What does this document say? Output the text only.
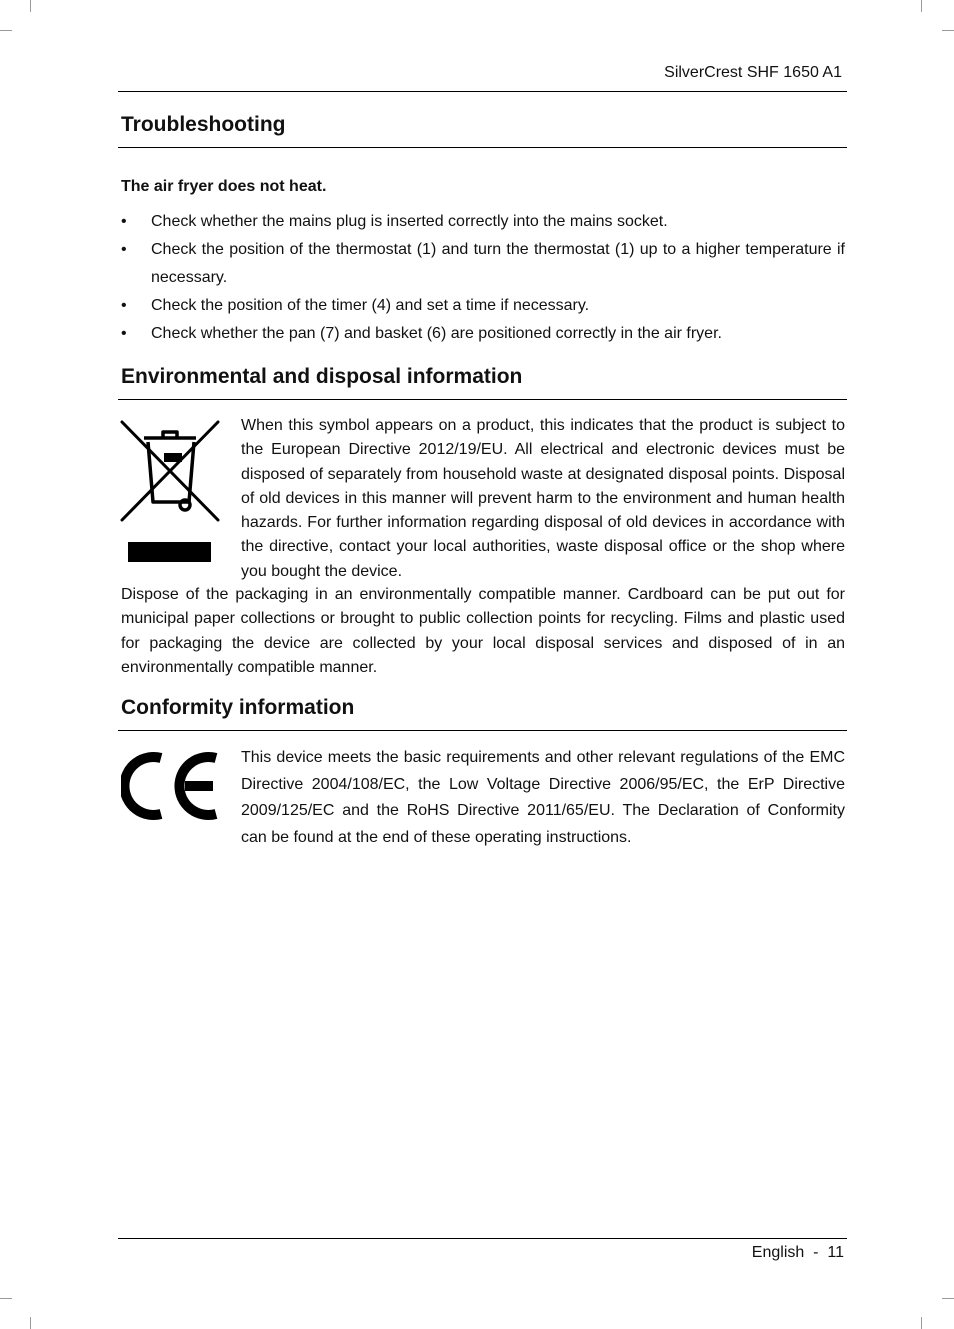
SilverCrest SHF 1650 A1
Troubleshooting
The air fryer does not heat.
• Check whether the mains plug is inserted correctly into the mains socket.
• Check the position of the thermostat (1) and turn the thermostat (1) up to a higher temperature if necessary.
• Check the position of the timer (4) and set a time if necessary.
• Check whether the pan (7) and basket (6) are positioned correctly in the air fryer.
Environmental and disposal information

When this symbol appears on a product, this indicates that the product is subject to the European Directive 2012/19/EU. All electrical and electronic devices must be disposed of separately from household waste at designated disposal points. Disposal of old devices in this manner will prevent harm to the environment and human health hazards. For further information regarding disposal of old devices in accordance with the directive, contact your local authorities, waste disposal office or the shop where you bought the device.

Dispose of the packaging in an environmentally compatible manner. Cardboard can be put out for municipal paper collections or brought to public collection points for recycling. Films and plastic used for packaging the device are collected by your local disposal services and disposed of in an environmentally compatible manner.

Conformity information

This device meets the basic requirements and other relevant regulations of the EMC Directive 2004/108/EC, the Low Voltage Directive 2006/95/EC, the ErP Directive 2009/125/EC and the RoHS Directive 2011/65/EU. The Declaration of Conformity can be found at the end of these operating instructions.

English  -  11
